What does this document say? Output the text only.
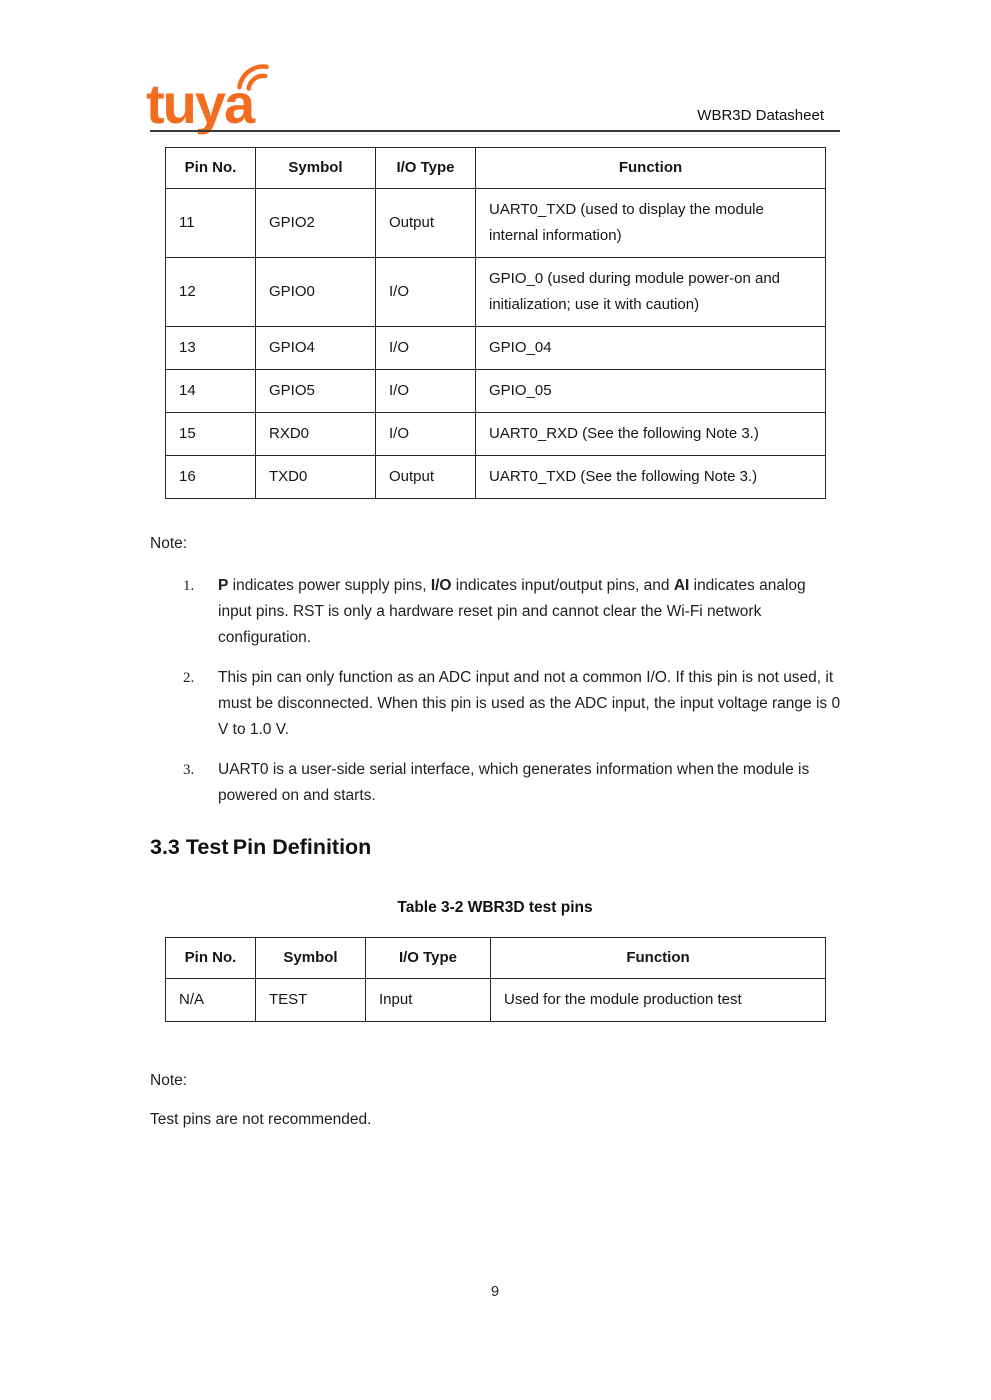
tuya	WBR3D Datasheet
Pin No.	Symbol	I/O Type	Function
11	GPIO2	Output	UART0_TXD (used to display the module internal information)
12	GPIO0	I/O	GPIO_0 (used during module power-on and initialization; use it with caution)
13	GPIO4	I/O	GPIO_04
14	GPIO5	I/O	GPIO_05
15	RXD0	I/O	UART0_RXD (See the following Note 3.)
16	TXD0	Output	UART0_TXD (See the following Note 3.)
Note:
1.	P indicates power supply pins, I/O indicates input/output pins, and AI indicates analog input pins. RST is only a hardware reset pin and cannot clear the Wi-Fi network configuration.
2.	This pin can only function as an ADC input and not a common I/O. If this pin is not used, it must be disconnected. When this pin is used as the ADC input, the input voltage range is 0 V to 1.0 V.
3.	UART0 is a user-side serial interface, which generates information when the module is powered on and starts.
3.3 Test Pin Definition
Table 3-2 WBR3D test pins
Pin No.	Symbol	I/O Type	Function
N/A	TEST	Input	Used for the module production test
Note:
Test pins are not recommended.
9
